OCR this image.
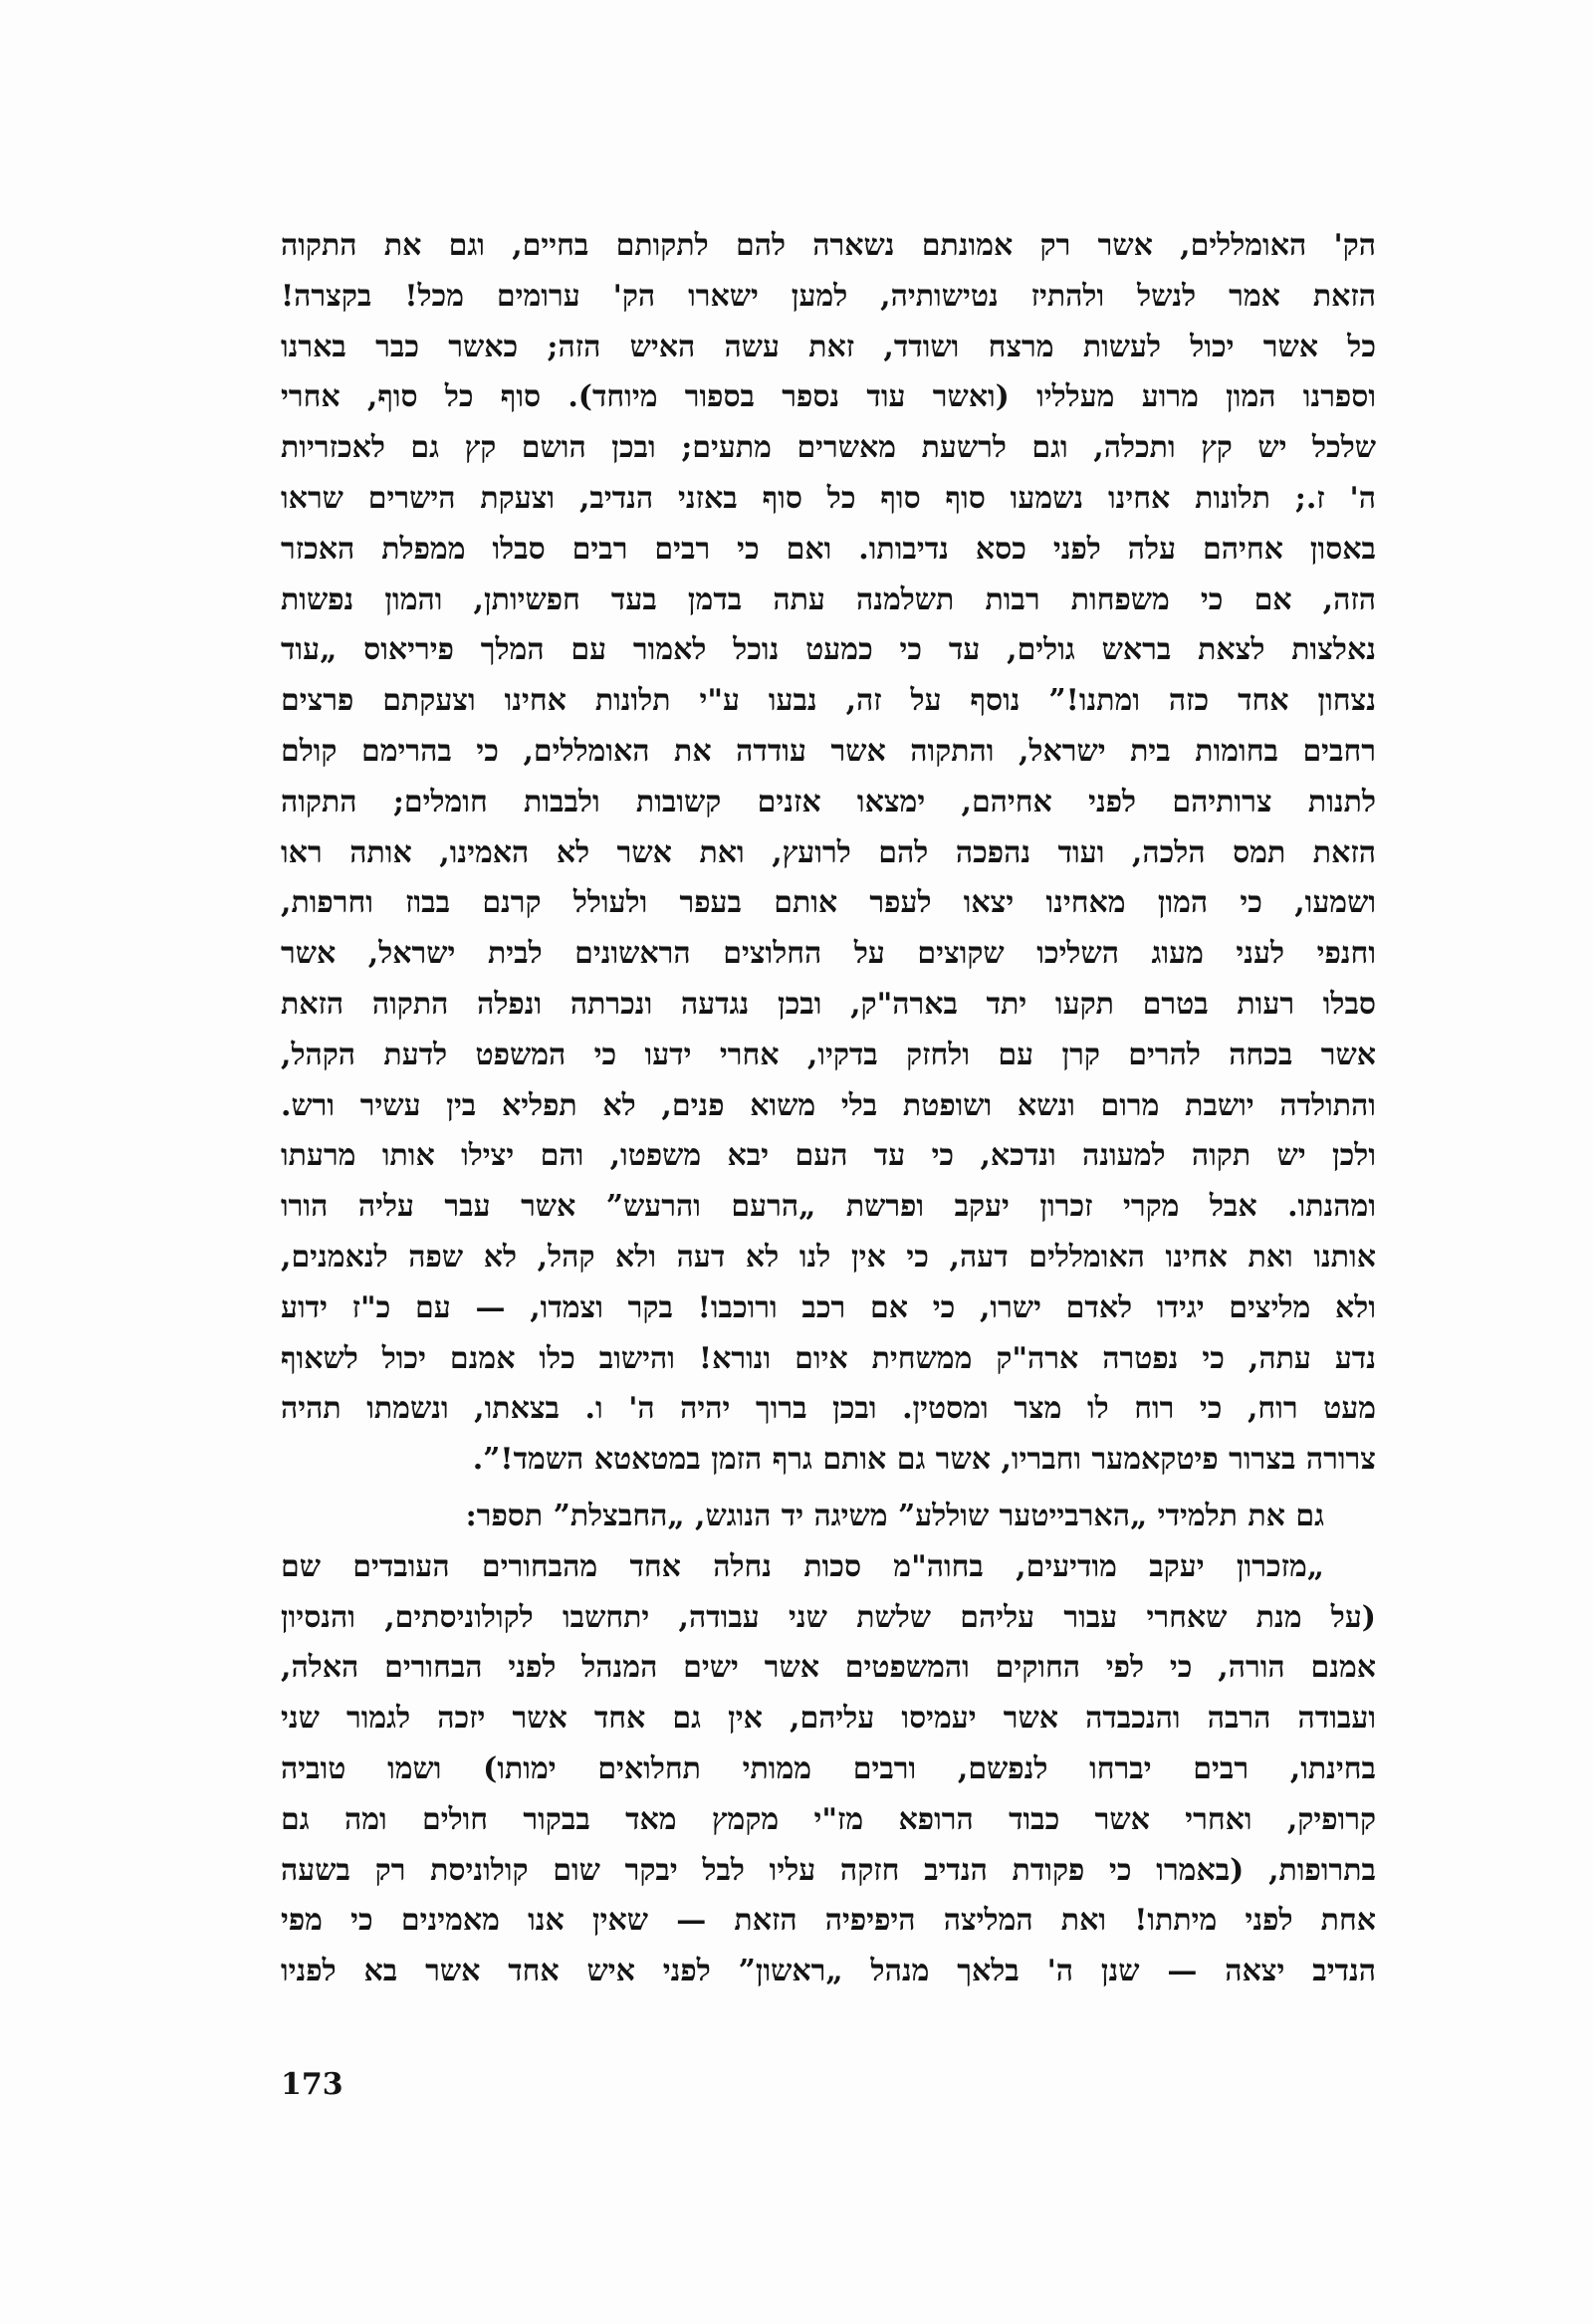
הק' האומללים, אשר רק אמונתם נשארה להם לתקותם בחיים, וגם את התקוה
הזאת אמר לנשל ולהתיז נטישותיה, למען ישארו הק' ערומים מכל! בקצרה!
כל אשר יכול לעשות מרצח ושודד, זאת עשה האיש הזה; כאשר כבר בארנו
וספרנו המון מרוע מעלליו (ואשר עוד נספר בספור מיוחד). סוף כל סוף, אחרי
שלכל יש קץ ותכלה, וגם לרשעת מאשרים מתעים; ובכן הושם קץ גם לאכזריות
ה' ז.; תלונות אחינו נשמעו סוף סוף כל סוף באזני הנדיב, וצעקת הישרים שראו
באסון אחיהם עלה לפני כסא נדיבותו. ואם כי רבים רבים סבלו ממפלת האכזר
הזה, אם כי משפחות רבות תשלמנה עתה בדמן בעד חפשיותן, והמון נפשות
נאלצות לצאת בראש גולים, עד כי כמעט נוכל לאמור עם המלך פיריאוס „עוד
נצחון אחד כזה ומתנו!” נוסף על זה, נבעו ע"י תלונות אחינו וצעקתם פרצים
רחבים בחומות בית ישראל, והתקוה אשר עודדה את האומללים, כי בהרימם קולם
לתנות צרותיהם לפני אחיהם, ימצאו אזנים קשובות ולבבות חומלים; התקוה
הזאת תמס הלכה, ועוד נהפכה להם לרועץ, ואת אשר לא האמינו, אותה ראו
ושמעו, כי המון מאחינו יצאו לעפר אותם בעפר ולעולל קרנם בבוז וחרפות,
וחנפי לעני מעוג השליכו שקוצים על החלוצים הראשונים לבית ישראל, אשר
סבלו רעות בטרם תקעו יתד בארה"ק, ובכן נגדעה ונכרתה ונפלה התקוה הזאת
אשר בכחה להרים קרן עם ולחזק בדקיו, אחרי ידעו כי המשפט לדעת הקהל,
והתולדה יושבת מרום ונשא ושופטת בלי משוא פנים, לא תפליא בין עשיר ורש.
ולכן יש תקוה למעונה ונדכא, כי עד העם יבא משפטו, והם יצילו אותו מרעתו
ומהנתו. אבל מקרי זכרון יעקב ופרשת „הרעם והרעש” אשר עבר עליה הורו
אותנו ואת אחינו האומללים דעה, כי אין לנו לא דעה ולא קהל, לא שפה לנאמנים,
ולא מליצים יגידו לאדם ישרו, כי אם רכב ורוכבו! בקר וצמדו, — עם כ"ז ידוע
נדע עתה, כי נפטרה ארה"ק ממשחית איום ונורא! והישוב כלו אמנם יכול לשאוף
מעט רוח, כי רוח לו מצר ומסטין. ובכן ברוך יהיה ה' ו. בצאתו, ונשמתו תהיה
צרורה בצרור פיטקאמער וחבריו, אשר גם אותם גרף הזמן במטאטא השמד!”.
גם את תלמידי „הארבייטער שוללע” משיגה יד הנוגש, „החבצלת” תספר:
„מזכרון יעקב מודיעים, בחוה"מ סכות נחלה אחד מהבחורים העובדים שם
(על מנת שאחרי עבור עליהם שלשת שני עבודה, יתחשבו לקולוניסתים, והנסיון
אמנם הורה, כי לפי החוקים והמשפטים אשר ישים המנהל לפני הבחורים האלה,
ועבודה הרבה והנכבדה אשר יעמיסו עליהם, אין גם אחד אשר יזכה לגמור שני
בחינתו, רבים יברחו לנפשם, ורבים ממותי תחלואים ימותו) ושמו טוביה
קרופיק, ואחרי אשר כבוד הרופא מז"י מקמץ מאד בבקור חולים ומה גם
בתרופות, (באמרו כי פקודת הנדיב חזקה עליו לבל יבקר שום קולוניסת רק בשעה
אחת לפני מיתתו! ואת המליצה היפיפיה הזאת — שאין אנו מאמינים כי מפי
הנדיב יצאה — שנן ה' בלאך מנהל „ראשון” לפני איש אחד אשר בא לפניו
173
